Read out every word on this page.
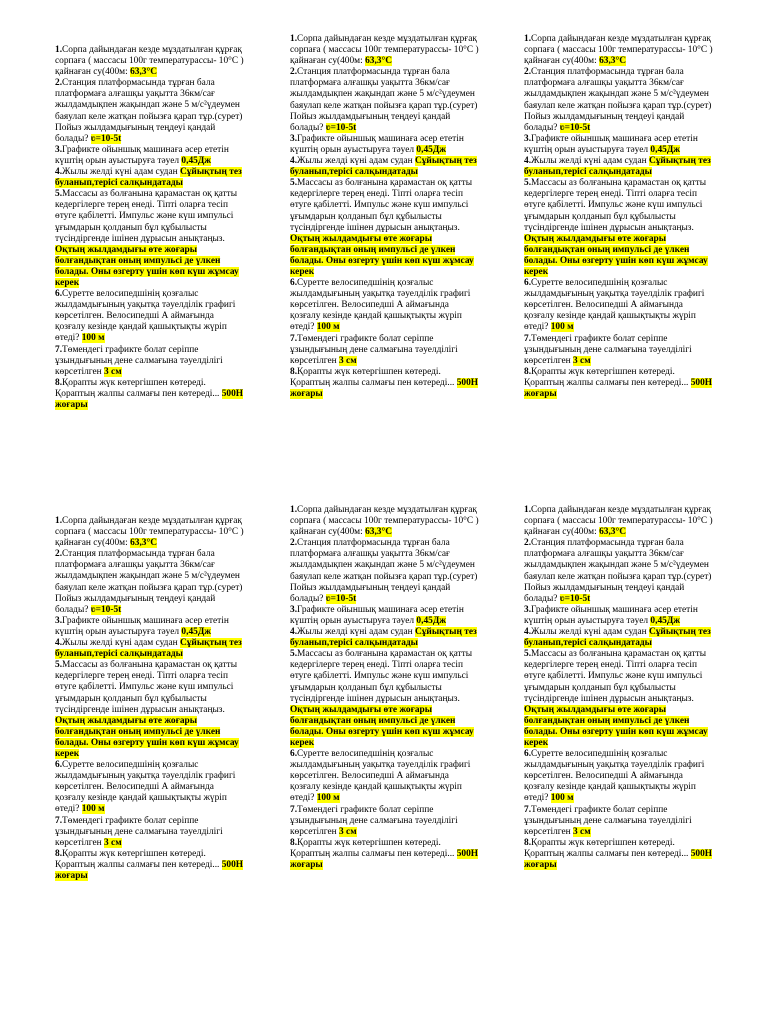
1.Сорпа дайындаған кезде мұздатылған құрғақ сорпаға ( массасы 100г температурассы- 10°С ) қайнаған су(400м: 63,3°С

2.Станция платформасында тұрған бала платформаға алғашқы уақытта 36км/сағ жылдамдықпен жақындап және 5 м/с²үдеумен баяулап келе жатқан пойызға қарап тұр.(сурет) Пойыз жылдамдығының теңдеуі қандай болады? ʋ=10-5t

3.Графикте ойыншық машинаға әсер ететін күштің орын ауыстыруға тәуел 0,45Дж

4.Жылы желді күні адам судан Сұйықтың тез буланып,терісі салқындатады

5.Массасы аз болғанына қарамастан оқ қатты кедергілерге терең енеді. Тіпті оларға тесіп өтуге қабілетті. Импульс және күш импульсі ұғымдарын қолданып бұл құбылысты түсіндіргенде ішінен дұрысын анықтаңыз. Оқтың жылдамдығы өте жоғары болғандықтан оның импульсі де үлкен болады. Оны өзгерту үшін көп күш жұмсау керек

6.Суретте велосипедшінің қозғалыс жылдамдығының уақытқа тәуелділік графигі көрсетілген. Велосипедші А аймағында қозғалу кезінде қандай қашықтықты жүріп өтеді? 100 м

7.Төмендегі графикте болат серіппе ұзындығының дене салмағына тәуелділігі көрсетілген 3 см

8.Қорапты жүк көтергішпен көтереді. Қораптың жалпы салмағы пен көтереді... 500Н жоғары

1.Сорпа дайындаған кезде мұздатылған құрғақ сорпаға ( массасы 100г температурассы- 10°С ) қайнаған су(400м: 63,3°С

2.Станция платформасында тұрған бала платформаға алғашқы уақытта 36км/сағ жылдамдықпен жақындап және 5 м/с²үдеумен баяулап келе жатқан пойызға қарап тұр.(сурет) Пойыз жылдамдығының теңдеуі қандай болады? ʋ=10-5t

3.Графикте ойыншық машинаға әсер ететін күштің орын ауыстыруға тәуел 0,45Дж

4.Жылы желді күні адам судан Сұйықтың тез буланып,терісі салқындатады

5.Массасы аз болғанына қарамастан оқ қатты кедергілерге терең енеді. Тіпті оларға тесіп өтуге қабілетті. Импульс және күш импульсі ұғымдарын қолданып бұл құбылысты түсіндіргенде ішінен дұрысын анықтаңыз. Оқтың жылдамдығы өте жоғары болғандықтан оның импульсі де үлкен болады. Оны өзгерту үшін көп күш жұмсау керек

6.Суретте велосипедшінің қозғалыс жылдамдығының уақытқа тәуелділік графигі көрсетілген. Велосипедші А аймағында қозғалу кезінде қандай қашықтықты жүріп өтеді? 100 м

7.Төмендегі графикте болат серіппе ұзындығының дене салмағына тәуелділігі көрсетілген 3 см

8.Қорапты жүк көтергішпен көтереді. Қораптың жалпы салмағы пен көтереді... 500Н жоғары

1.Сорпа дайындаған кезде мұздатылған құрғақ сорпаға ( массасы 100г температурассы- 10°С ) қайнаған су(400м: 63,3°С

2.Станция платформасында тұрған бала платформаға алғашқы уақытта 36км/сағ жылдамдықпен жақындап және 5 м/с²үдеумен баяулап келе жатқан пойызға қарап тұр.(сурет) Пойыз жылдамдығының теңдеуі қандай болады? ʋ=10-5t

3.Графикте ойыншық машинаға әсер ететін күштің орын ауыстыруға тәуел 0,45Дж

4.Жылы желді күні адам судан Сұйықтың тез буланып,терісі салқындатады

5.Массасы аз болғанына қарамастан оқ қатты кедергілерге терең енеді. Тіпті оларға тесіп өтуге қабілетті. Импульс және күш импульсі ұғымдарын қолданып бұл құбылысты түсіндіргенде ішінен дұрысын анықтаңыз. Оқтың жылдамдығы өте жоғары болғандықтан оның импульсі де үлкен болады. Оны өзгерту үшін көп күш жұмсау керек

6.Суретте велосипедшінің қозғалыс жылдамдығының уақытқа тәуелділік графигі көрсетілген. Велосипедші А аймағында қозғалу кезінде қандай қашықтықты жүріп өтеді? 100 м

7.Төмендегі графикте болат серіппе ұзындығының дене салмағына тәуелділігі көрсетілген 3 см

8.Қорапты жүк көтергішпен көтереді. Қораптың жалпы салмағы пен көтереді... 500Н жоғары

1.Сорпа дайындаған кезде мұздатылған құрғақ сорпаға ( массасы 100г температурассы- 10°С ) қайнаған су(400м: 63,3°С

2.Станция платформасында тұрған бала платформаға алғашқы уақытта 36км/сағ жылдамдықпен жақындап және 5 м/с²үдеумен баяулап келе жатқан пойызға қарап тұр.(сурет) Пойыз жылдамдығының теңдеуі қандай болады? ʋ=10-5t

3.Графикте ойыншық машинаға әсер ететін күштің орын ауыстыруға тәуел 0,45Дж

4.Жылы желді күні адам судан Сұйықтың тез буланып,терісі салқындатады

5.Массасы аз болғанына қарамастан оқ қатты кедергілерге терең енеді. Тіпті оларға тесіп өтуге қабілетті. Импульс және күш импульсі ұғымдарын қолданып бұл құбылысты түсіндіргенде ішінен дұрысын анықтаңыз. Оқтың жылдамдығы өте жоғары болғандықтан оның импульсі де үлкен болады. Оны өзгерту үшін көп күш жұмсау керек

6.Суретте велосипедшінің қозғалыс жылдамдығының уақытқа тәуелділік графигі көрсетілген. Велосипедші А аймағында қозғалу кезінде қандай қашықтықты жүріп өтеді? 100 м

7.Төмендегі графикте болат серіппе ұзындығының дене салмағына тәуелділігі көрсетілген 3 см

8.Қорапты жүк көтергішпен көтереді. Қораптың жалпы салмағы пен көтереді... 500Н жоғары

1.Сорпа дайындаған кезде мұздатылған құрғақ сорпаға ( массасы 100г температурассы- 10°С ) қайнаған су(400м: 63,3°С

2.Станция платформасында тұрған бала платформаға алғашқы уақытта 36км/сағ жылдамдықпен жақындап және 5 м/с²үдеумен баяулап келе жатқан пойызға қарап тұр.(сурет) Пойыз жылдамдығының теңдеуі қандай болады? ʋ=10-5t

3.Графикте ойыншық машинаға әсер ететін күштің орын ауыстыруға тәуел 0,45Дж

4.Жылы желді күні адам судан Сұйықтың тез буланып,терісі салқындатады

5.Массасы аз болғанына қарамастан оқ қатты кедергілерге терең енеді. Тіпті оларға тесіп өтуге қабілетті. Импульс және күш импульсі ұғымдарын қолданып бұл құбылысты түсіндіргенде ішінен дұрысын анықтаңыз. Оқтың жылдамдығы өте жоғары болғандықтан оның импульсі де үлкен болады. Оны өзгерту үшін көп күш жұмсау керек

6.Суретте велосипедшінің қозғалыс жылдамдығының уақытқа тәуелділік графигі көрсетілген. Велосипедші А аймағында қозғалу кезінде қандай қашықтықты жүріп өтеді? 100 м

7.Төмендегі графикте болат серіппе ұзындығының дене салмағына тәуелділігі көрсетілген 3 см

8.Қорапты жүк көтергішпен көтереді. Қораптың жалпы салмағы пен көтереді... 500Н жоғары

1.Сорпа дайындаған кезде мұздатылған құрғақ сорпаға ( массасы 100г температурассы- 10°С ) қайнаған су(400м: 63,3°С

2.Станция платформасында тұрған бала платформаға алғашқы уақытта 36км/сағ жылдамдықпен жақындап және 5 м/с²үдеумен баяулап келе жатқан пойызға қарап тұр.(сурет) Пойыз жылдамдығының теңдеуі қандай болады? ʋ=10-5t

3.Графикте ойыншық машинаға әсер ететін күштің орын ауыстыруға тәуел 0,45Дж

4.Жылы желді күні адам судан Сұйықтың тез буланып,терісі салқындатады

5.Массасы аз болғанына қарамастан оқ қатты кедергілерге терең енеді. Тіпті оларға тесіп өтуге қабілетті. Импульс және күш импульсі ұғымдарын қолданып бұл құбылысты түсіндіргенде ішінен дұрысын анықтаңыз. Оқтың жылдамдығы өте жоғары болғандықтан оның импульсі де үлкен болады. Оны өзгерту үшін көп күш жұмсау керек

6.Суретте велосипедшінің қозғалыс жылдамдығының уақытқа тәуелділік графигі көрсетілген. Велосипедші А аймағында қозғалу кезінде қандай қашықтықты жүріп өтеді? 100 м

7.Төмендегі графикте болат серіппе ұзындығының дене салмағына тәуелділігі көрсетілген 3 см

8.Қорапты жүк көтергішпен көтереді. Қораптың жалпы салмағы пен көтереді... 500Н жоғары
